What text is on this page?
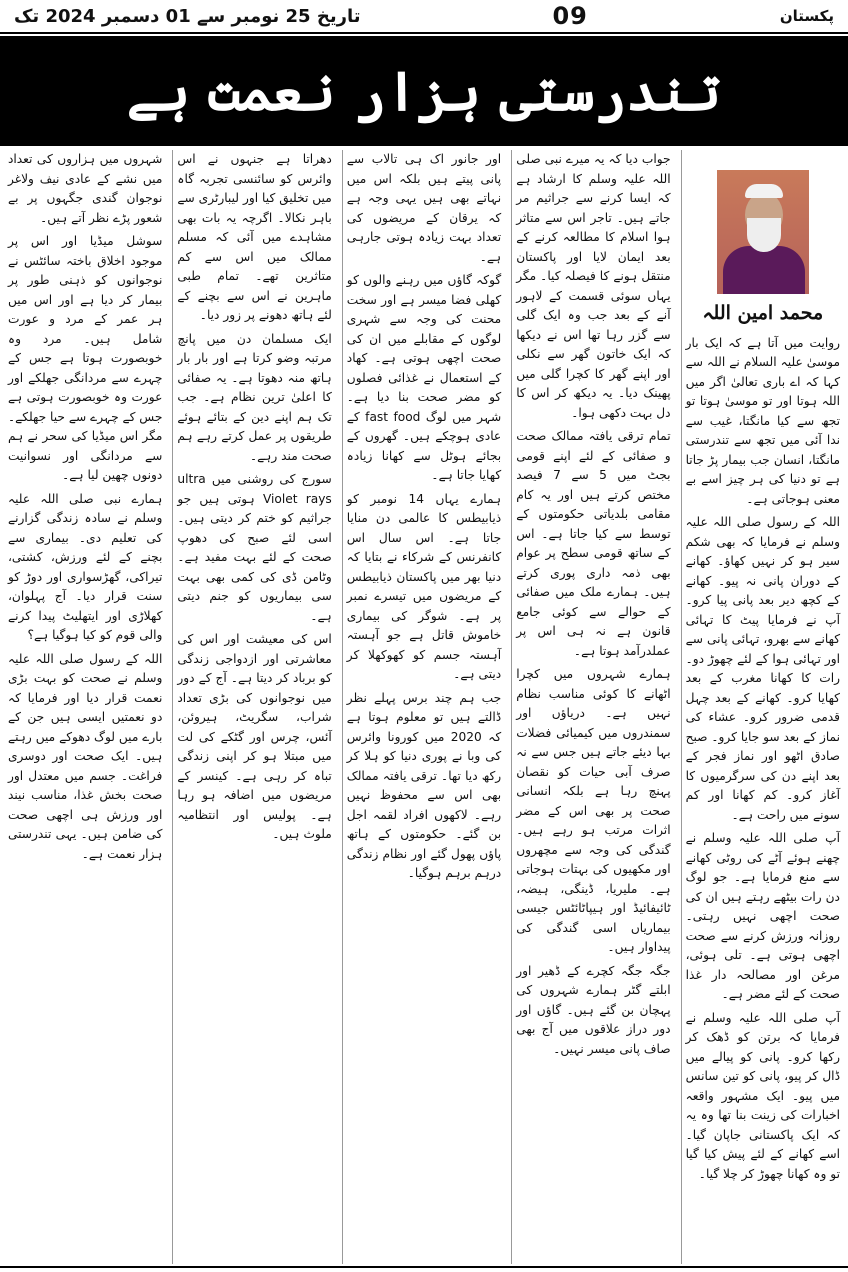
تاریخ 25 نومبر سے 01 دسمبر 2024 تک	09	پکستان
تندرستی ہزار نعمت ہے
محمد امین اللہ

روایت میں آتا ہے کہ ایک بار موسیٰ علیہ السلام نے اللہ سے کہا کہ اے باری تعالیٰ اگر میں اللہ ہوتا اور تو موسیٰ ہوتا تو تجھ سے کیا مانگتا، غیب سے ندا آئی میں تجھ سے تندرستی مانگتا، انسان جب بیمار پڑ جاتا ہے تو دنیا کی ہر چیز اسے بے معنی ہوجاتی ہے۔

اللہ کے رسول صلی اللہ علیہ وسلم نے فرمایا کہ بھی شکم سیر ہو کر نہیں کھاؤ۔ کھانے کے دوران پانی نہ پیو۔ کھانے کے کچھ دیر بعد پانی پیا کرو۔ آپ نے فرمایا پیٹ کا تہائی کھانے سے بھرو، تہائی پانی سے اور تہائی ہوا کے لئے چھوڑ دو۔ رات کا کھانا مغرب کے بعد کھایا کرو۔ کھانے کے بعد چہل قدمی ضرور کرو۔ عشاء کی نماز کے بعد سو جایا کرو۔ صبح صادق اٹھو اور نماز فجر کے بعد اپنے دن کی سرگرمیوں کا آغاز کرو۔ کم کھانا اور کم سونے میں راحت ہے۔

آپ صلی اللہ علیہ وسلم نے چھنے ہوئے آٹے کی روٹی کھانے سے منع فرمایا ہے۔ جو لوگ دن رات بیٹھے رہتے ہیں ان کی صحت اچھی نہیں رہتی۔ روزانہ ورزش کرنے سے صحت اچھی ہوتی ہے۔ تلی ہوئی، مرغن اور مصالحہ دار غذا صحت کے لئے مضر ہے۔

آپ صلی اللہ علیہ وسلم نے فرمایا کہ برتن کو ڈھک کر رکھا کرو۔ پانی کو پیالے میں ڈال کر پیو، پانی کو تین سانس میں پیو۔ ایک مشہور واقعہ اخبارات کی زینت بنا تھا وہ یہ کہ ایک پاکستانی جاپان گیا۔ اسے کھانے کے لئے پیش کیا گیا تو وہ کھانا چھوڑ کر چلا گیا۔

جواب دیا کہ یہ میرے نبی صلی اللہ علیہ وسلم کا ارشاد ہے کہ ایسا کرنے سے جراثیم مر جاتے ہیں۔ تاجر اس سے متاثر ہوا اسلام کا مطالعہ کرنے کے بعد ایمان لایا اور پاکستان منتقل ہونے کا فیصلہ کیا۔ مگر یہاں سوئی قسمت کے لاہور آنے کے بعد جب وہ ایک گلی سے گزر رہا تھا اس نے دیکھا کہ ایک خاتون گھر سے نکلی اور اپنے گھر کا کچرا گلی میں پھینک دیا۔ یہ دیکھ کر اس کا دل بہت دکھی ہوا۔

تمام ترقی یافتہ ممالک صحت و صفائی کے لئے اپنے قومی بجٹ میں 5 سے 7 فیصد مختص کرتے ہیں اور یہ کام مقامی بلدیاتی حکومتوں کے توسط سے کیا جاتا ہے۔ اس کے ساتھ قومی سطح پر عوام بھی ذمہ داری پوری کرتے ہیں۔ ہمارے ملک میں صفائی کے حوالے سے کوئی جامع قانون ہے نہ ہی اس پر عملدرآمد ہوتا ہے۔

ہمارے شہروں میں کچرا اٹھانے کا کوئی مناسب نظام نہیں ہے۔ دریاؤں اور سمندروں میں کیمیائی فضلات بہا دیئے جاتے ہیں جس سے نہ صرف آبی حیات کو نقصان پہنچ رہا ہے بلکہ انسانی صحت پر بھی اس کے مضر اثرات مرتب ہو رہے ہیں۔ گندگی کی وجہ سے مچھروں اور مکھیوں کی بہتات ہوجاتی ہے۔ ملیریا، ڈینگی، ہیضہ، ٹائیفائیڈ اور ہیپاٹائٹس جیسی بیماریاں اسی گندگی کی پیداوار ہیں۔

جگہ جگہ کچرے کے ڈھیر اور ابلتے گٹر ہمارے شہروں کی پہچان بن گئے ہیں۔ گاؤں اور دور دراز علاقوں میں آج بھی صاف پانی میسر نہیں۔

اور جانور اک ہی تالاب سے پانی پیتے ہیں بلکہ اس میں نہاتے بھی ہیں یہی وجہ ہے کہ یرقان کے مریضوں کی تعداد بہت زیادہ ہوتی جارہی ہے۔

گوکہ گاؤں میں رہنے والوں کو کھلی فضا میسر ہے اور سخت محنت کی وجہ سے شہری لوگوں کے مقابلے میں ان کی صحت اچھی ہوتی ہے۔ کھاد کے استعمال نے غذائی فصلوں کو مضر صحت بنا دیا ہے۔ شہر میں لوگ fast food کے عادی ہوچکے ہیں۔ گھروں کے بجائے ہوٹل سے کھانا زیادہ کھایا جاتا ہے۔

ہمارے یہاں 14 نومبر کو ذیابیطس کا عالمی دن منایا جاتا ہے۔ اس سال اس کانفرنس کے شرکاء نے بتایا کہ دنیا بھر میں پاکستان ذیابیطس کے مریضوں میں تیسرے نمبر پر ہے۔ شوگر کی بیماری خاموش قاتل ہے جو آہستہ آہستہ جسم کو کھوکھلا کر دیتی ہے۔

جب ہم چند برس پہلے نظر ڈالتے ہیں تو معلوم ہوتا ہے کہ 2020 میں کورونا وائرس کی وبا نے پوری دنیا کو ہلا کر رکھ دیا تھا۔ ترقی یافتہ ممالک بھی اس سے محفوظ نہیں رہے۔ لاکھوں افراد لقمہ اجل بن گئے۔ حکومتوں کے ہاتھ پاؤں پھول گئے اور نظام زندگی درہم برہم ہوگیا۔

دھراتا ہے جنہوں نے اس وائرس کو سائنسی تجربہ گاہ میں تخلیق کیا اور لیبارٹری سے باہر نکالا۔ اگرچہ یہ بات بھی مشاہدے میں آئی کہ مسلم ممالک میں اس سے کم متاثرین تھے۔ تمام طبی ماہرین نے اس سے بچنے کے لئے ہاتھ دھونے پر زور دیا۔

ایک مسلمان دن میں پانچ مرتبہ وضو کرتا ہے اور بار بار ہاتھ منہ دھوتا ہے۔ یہ صفائی کا اعلیٰ ترین نظام ہے۔ جب تک ہم اپنے دین کے بتائے ہوئے طریقوں پر عمل کرتے رہے ہم صحت مند رہے۔

سورج کی روشنی میں ultra Violet rays ہوتی ہیں جو جراثیم کو ختم کر دیتی ہیں۔ اسی لئے صبح کی دھوپ صحت کے لئے بہت مفید ہے۔ وٹامن ڈی کی کمی بھی بہت سی بیماریوں کو جنم دیتی ہے۔

اس کی معیشت اور اس کی معاشرتی اور ازدواجی زندگی کو برباد کر دیتا ہے۔ آج کے دور میں نوجوانوں کی بڑی تعداد شراب، سگریٹ، ہیروئن، آئس، چرس اور گٹکے کی لت میں مبتلا ہو کر اپنی زندگی تباہ کر رہی ہے۔ کینسر کے مریضوں میں اضافہ ہو رہا ہے۔ پولیس اور انتظامیہ ملوث ہیں۔

شہروں میں ہزاروں کی تعداد میں نشے کے عادی نیف ولاغر نوجوان گندی جگہوں پر بے شعور پڑے نظر آتے ہیں۔

سوشل میڈیا اور اس پر موجود اخلاق باختہ سائٹس نے نوجوانوں کو ذہنی طور پر بیمار کر دیا ہے اور اس میں ہر عمر کے مرد و عورت شامل ہیں۔ مرد وہ خوبصورت ہوتا ہے جس کے چہرے سے مردانگی جھلکے اور عورت وہ خوبصورت ہوتی ہے جس کے چہرے سے حیا جھلکے۔ مگر اس میڈیا کی سحر نے ہم سے مردانگی اور نسوانیت دونوں چھین لیا ہے۔

ہمارے نبی صلی اللہ علیہ وسلم نے سادہ زندگی گزارنے کی تعلیم دی۔ بیماری سے بچنے کے لئے ورزش، کشتی، تیراکی، گھڑسواری اور دوڑ کو سنت قرار دیا۔ آج پہلوان، کھلاڑی اور ایتھلیٹ پیدا کرنے والی قوم کو کیا ہوگیا ہے؟

اللہ کے رسول صلی اللہ علیہ وسلم نے صحت کو بہت بڑی نعمت قرار دیا اور فرمایا کہ دو نعمتیں ایسی ہیں جن کے بارے میں لوگ دھوکے میں رہتے ہیں۔ ایک صحت اور دوسری فراغت۔ جسم میں معتدل اور صحت بخش غذا، مناسب نیند اور ورزش ہی اچھی صحت کی ضامن ہیں۔ یہی تندرستی ہزار نعمت ہے۔
